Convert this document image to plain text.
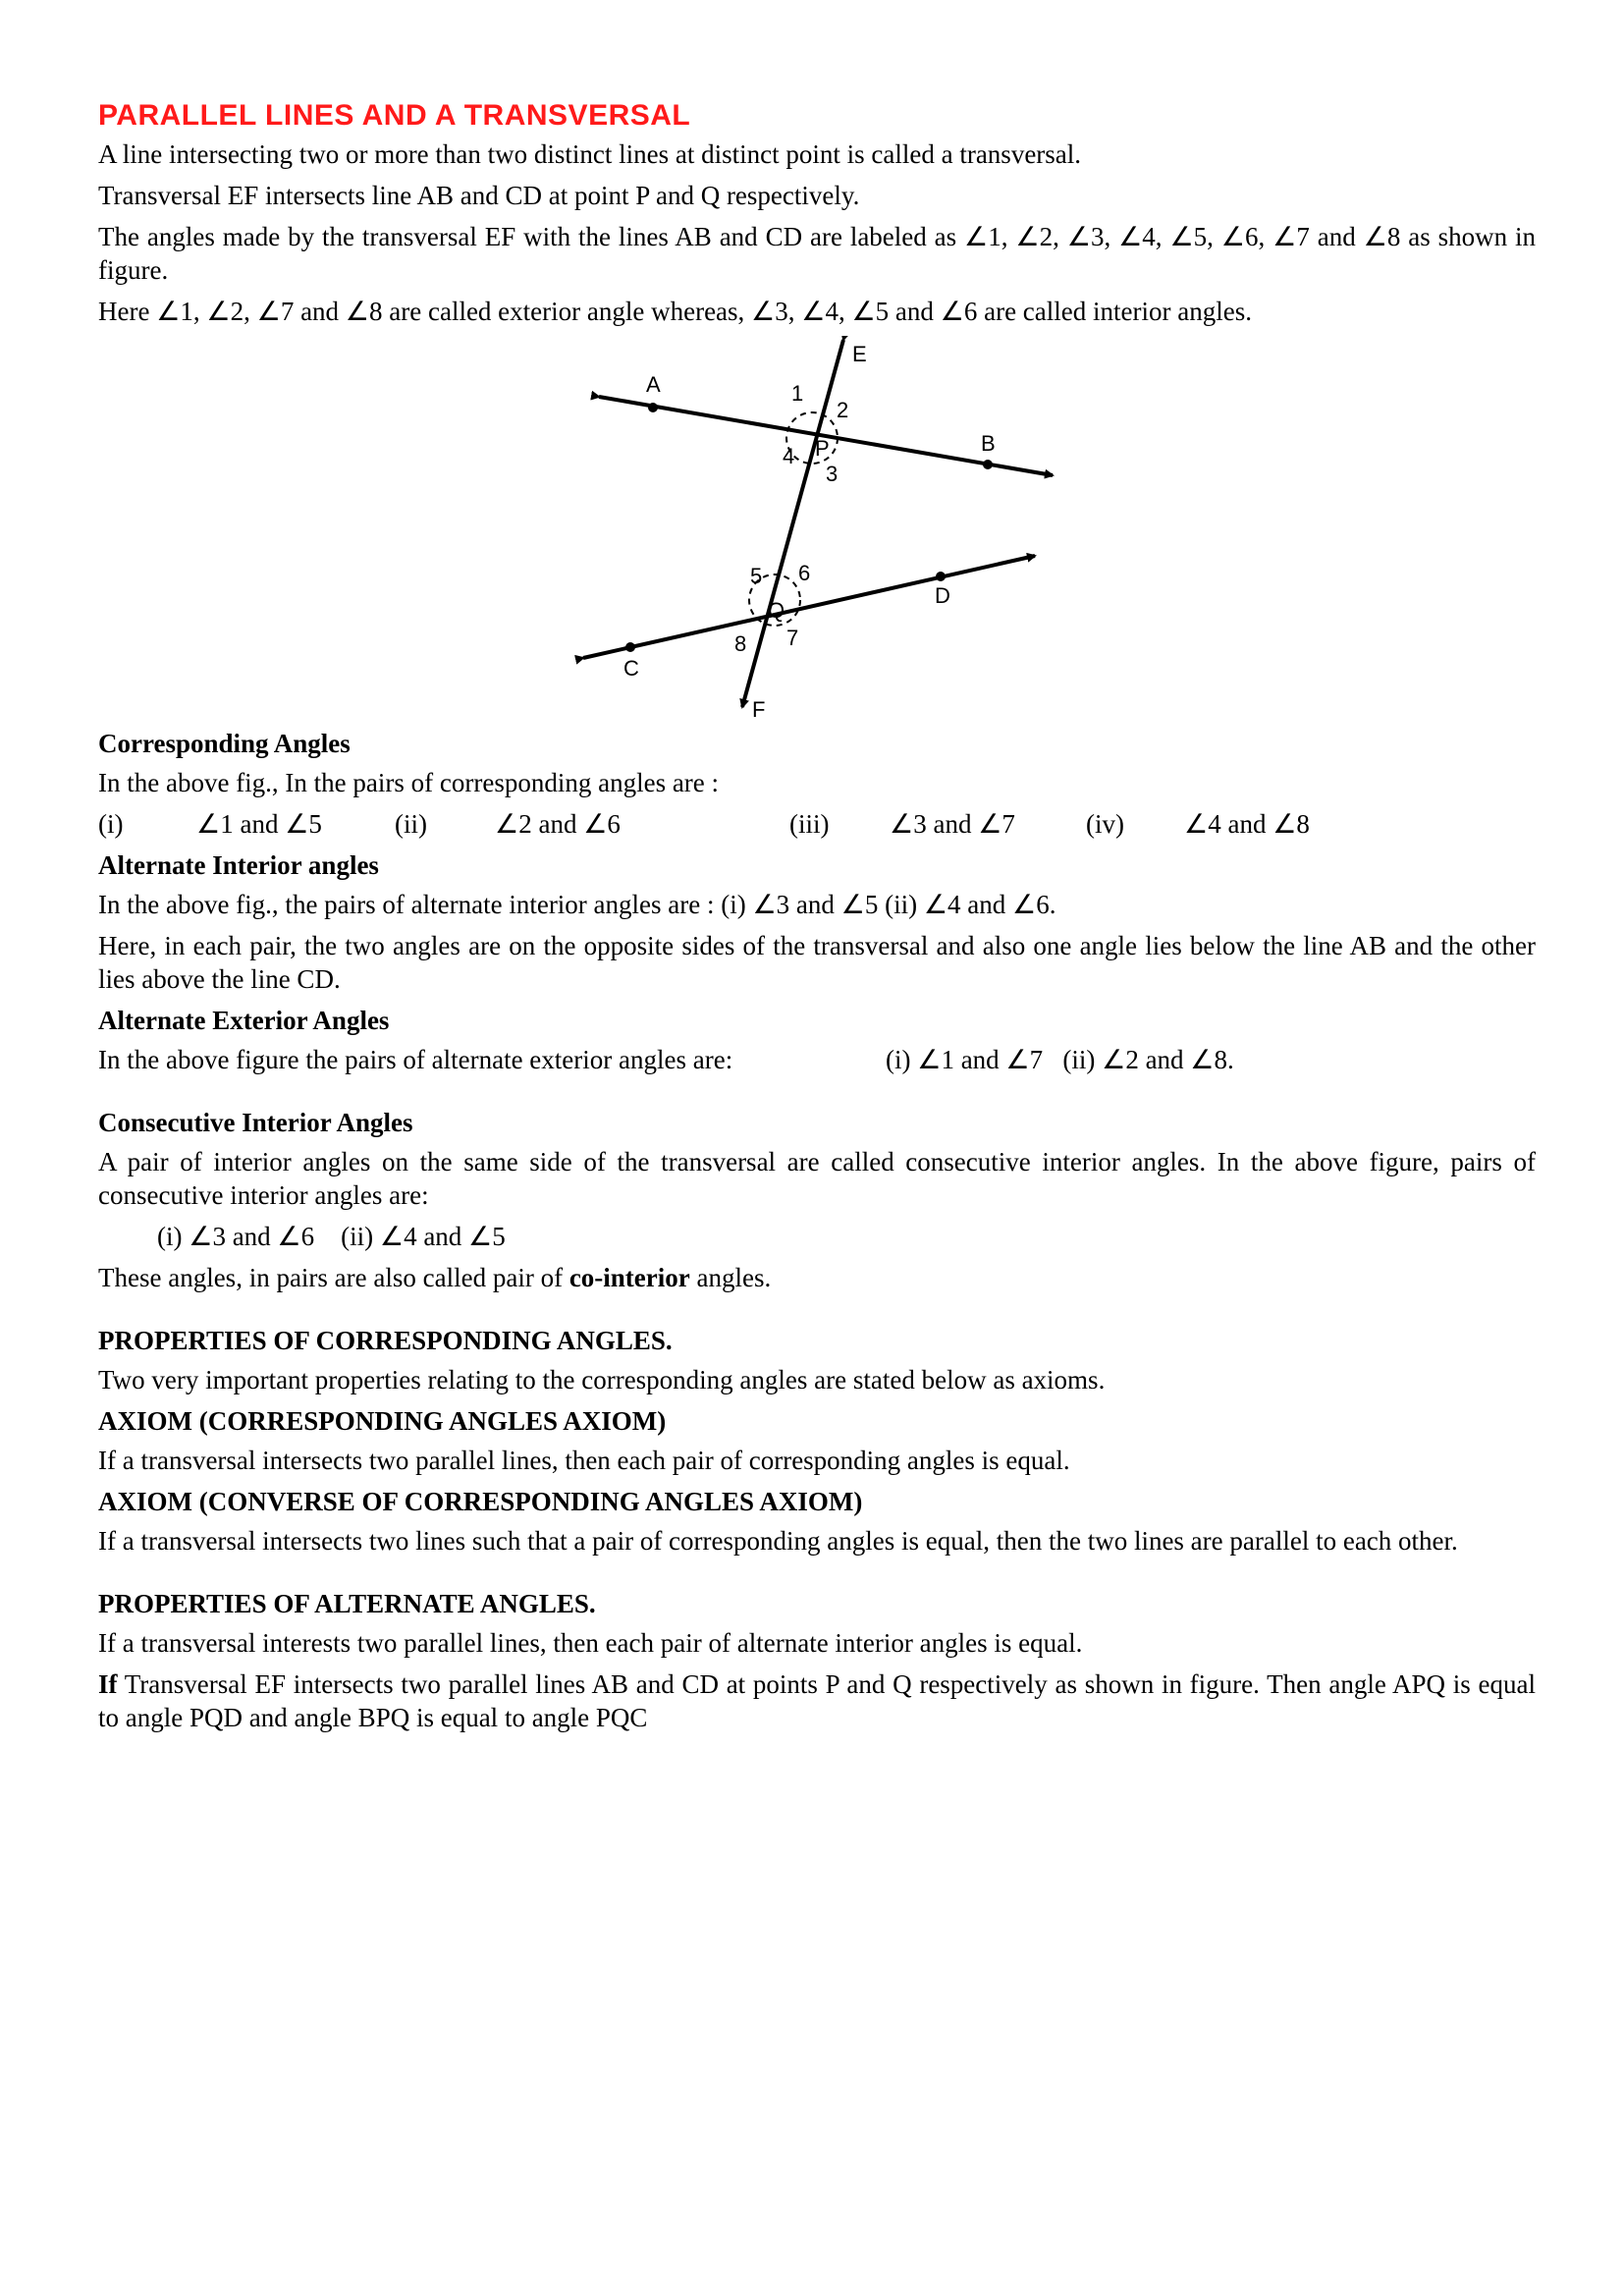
PARALLEL LINES AND A TRANSVERSAL

A line intersecting two or more than two distinct lines at distinct point is called a transversal.

Transversal EF intersects line AB and CD at point P and Q respectively.

The angles made by the transversal EF with the lines AB and CD are labeled as ∠1, ∠2, ∠3, ∠4, ∠5, ∠6, ∠7 and ∠8 as shown in figure.

Here ∠1, ∠2, ∠7 and ∠8 are called exterior angle whereas, ∠3, ∠4, ∠5 and ∠6 are called interior angles.

E
A
B
P
D
Q
C
F
1
2
3
4
5 6
7
8

Corresponding Angles

In the above fig., In the pairs of corresponding angles are :

(i)	∠1 and ∠5	(ii)	∠2 and ∠6	(iii)	∠3 and ∠7	(iv)	∠4 and ∠8

Alternate Interior angles

In the above fig., the pairs of alternate interior angles are : (i) ∠3 and ∠5 (ii) ∠4 and ∠6.

Here, in each pair, the two angles are on the opposite sides of the transversal and also one angle lies below the line AB and the other lies above the line CD.

Alternate Exterior Angles

In the above figure the pairs of alternate exterior angles are:	(i) ∠1 and ∠7   (ii) ∠2 and ∠8.

Consecutive Interior Angles

A pair of interior angles on the same side of the transversal are called consecutive interior angles. In the above figure, pairs of consecutive interior angles are:

(i) ∠3 and ∠6    (ii) ∠4 and ∠5

These angles, in pairs are also called pair of co-interior angles.

PROPERTIES OF CORRESPONDING ANGLES.

Two very important properties relating to the corresponding angles are stated below as axioms.

AXIOM (CORRESPONDING ANGLES AXIOM)

If a transversal intersects two parallel lines, then each pair of corresponding angles is equal.

AXIOM (CONVERSE OF CORRESPONDING ANGLES AXIOM)

If a transversal intersects two lines such that a pair of corresponding angles is equal, then the two lines are parallel to each other.

PROPERTIES OF ALTERNATE ANGLES.

If a transversal interests two parallel lines, then each pair of alternate interior angles is equal.

If Transversal EF intersects two parallel lines AB and CD at points P and Q respectively as shown in figure. Then angle APQ is equal to angle PQD and angle BPQ is equal to angle PQC
